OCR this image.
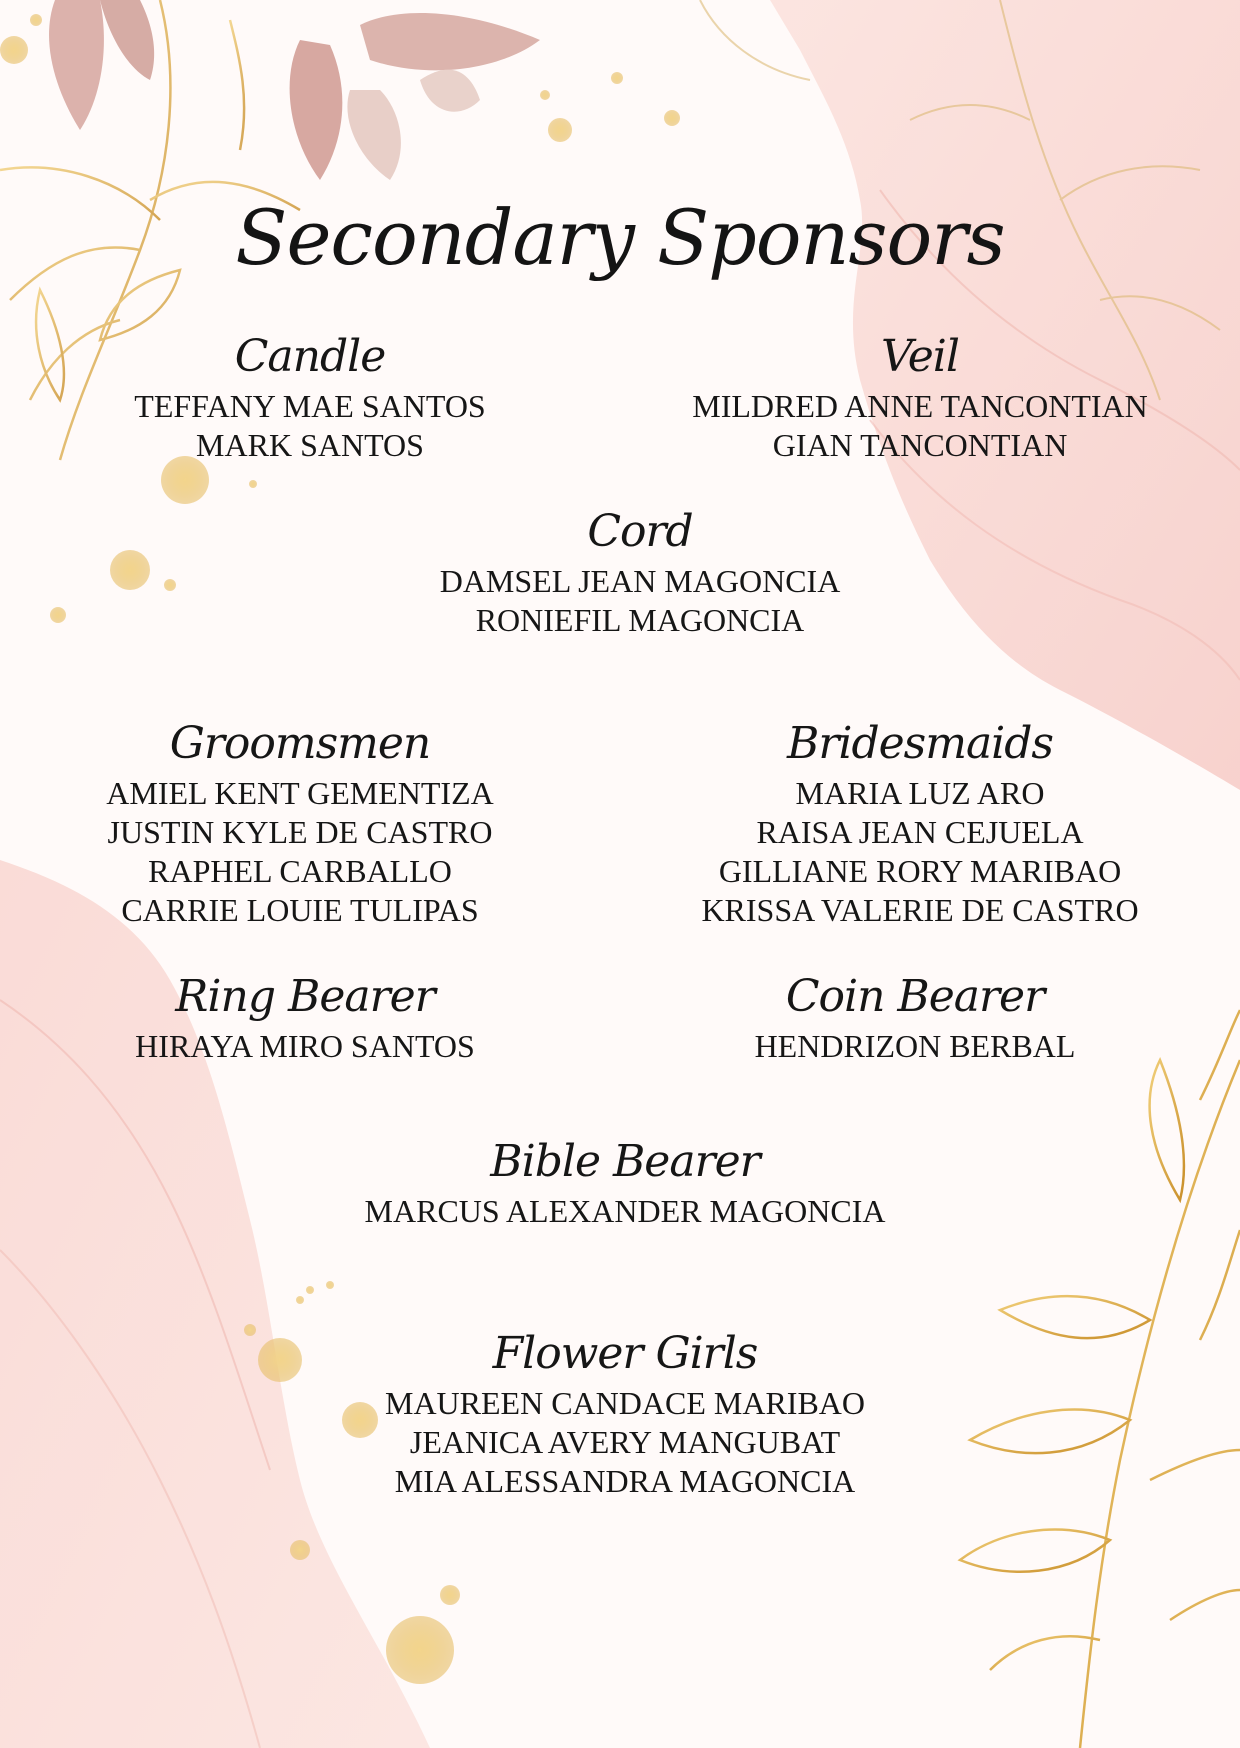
Secondary Sponsors
Candle
TEFFANY MAE SANTOS
MARK SANTOS
Veil
MILDRED ANNE TANCONTIAN
GIAN TANCONTIAN
Cord
DAMSEL JEAN MAGONCIA
RONIEFIL MAGONCIA
Groomsmen
AMIEL KENT GEMENTIZA
JUSTIN KYLE DE CASTRO
RAPHEL CARBALLO
CARRIE LOUIE TULIPAS
Bridesmaids
MARIA LUZ ARO
RAISA JEAN CEJUELA
GILLIANE RORY MARIBAO
KRISSA VALERIE DE CASTRO
Ring Bearer
HIRAYA MIRO SANTOS
Coin Bearer
HENDRIZON BERBAL
Bible Bearer
MARCUS ALEXANDER MAGONCIA
Flower Girls
MAUREEN CANDACE MARIBAO
JEANICA AVERY MANGUBAT
MIA ALESSANDRA MAGONCIA
